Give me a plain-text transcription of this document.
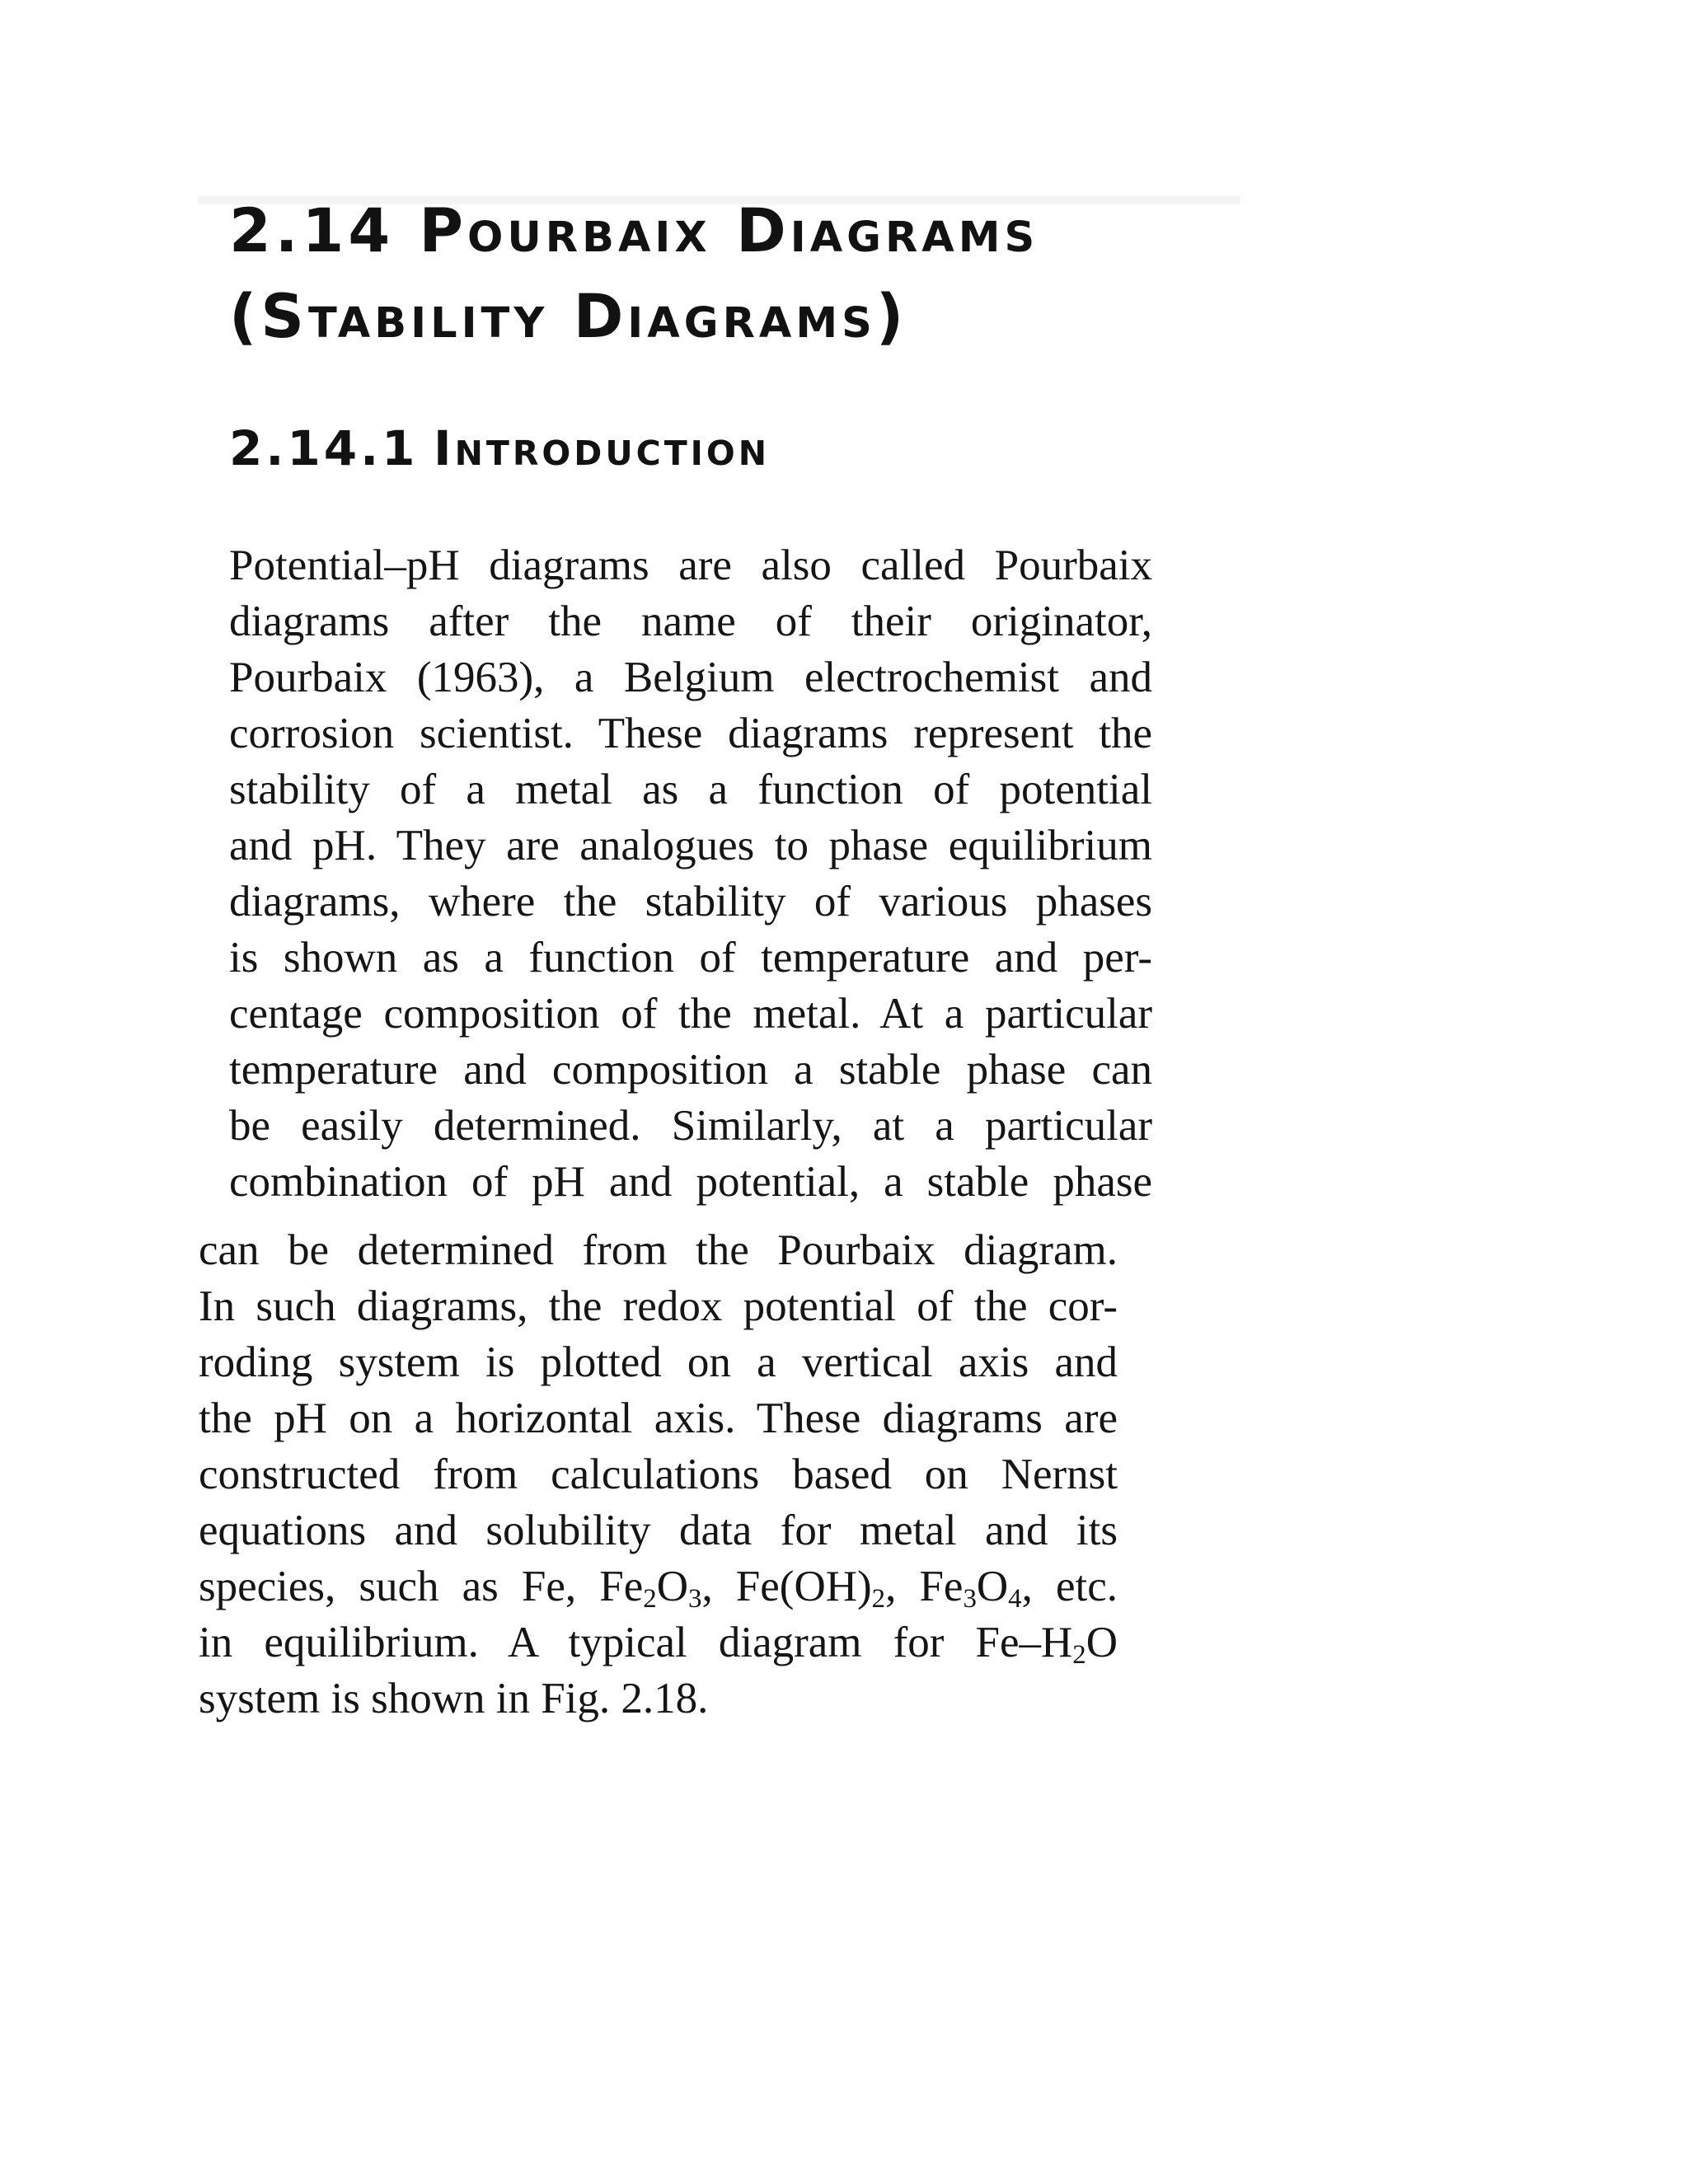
2.14 Pourbaix Diagrams
(Stability Diagrams)
2.14.1 Introduction
Potential–pH diagrams are also called Pourbaix
diagrams after the name of their originator,
Pourbaix (1963), a Belgium electrochemist and
corrosion scientist. These diagrams represent the
stability of a metal as a function of potential
and pH. They are analogues to phase equilibrium
diagrams, where the stability of various phases
is shown as a function of temperature and per-
centage composition of the metal. At a particular
temperature and composition a stable phase can
be easily determined. Similarly, at a particular
combination of pH and potential, a stable phase
can be determined from the Pourbaix diagram.
In such diagrams, the redox potential of the cor-
roding system is plotted on a vertical axis and
the pH on a horizontal axis. These diagrams are
constructed from calculations based on Nernst
equations and solubility data for metal and its
species, such as Fe, $Fe_2O_3$, $Fe(OH)_2$, $Fe_3O_4$, etc.
in equilibrium. A typical diagram for $Fe-H_2O$
system is shown in Fig. 2.18.
